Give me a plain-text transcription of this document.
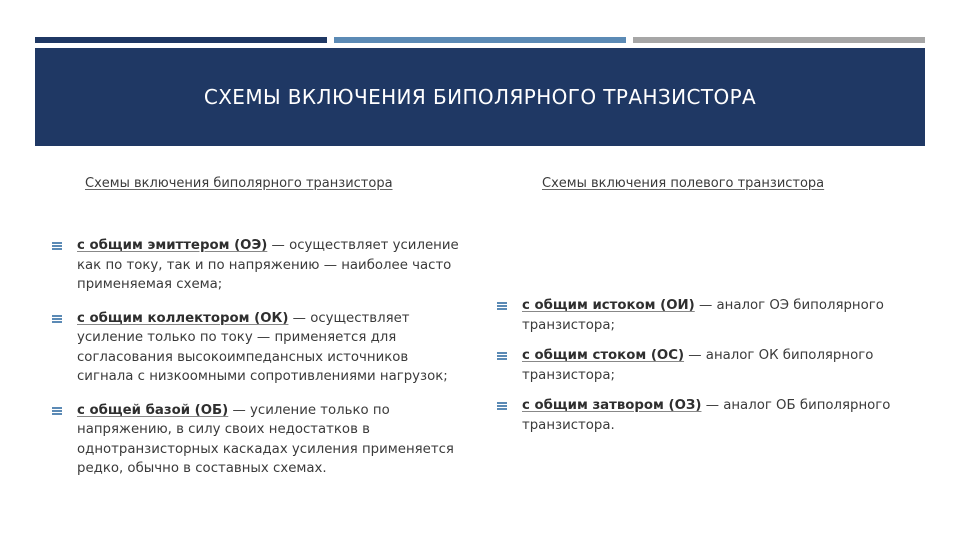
СХЕМЫ ВКЛЮЧЕНИЯ БИПОЛЯРНОГО ТРАНЗИСТОРА
Схемы включения биполярного транзистора	Схемы включения полевого транзистора
с общим эмиттером (ОЭ) — осуществляет усиление как по току, так и по напряжению — наиболее часто применяемая схема;
с общим коллектором (ОК) — осуществляет усиление только по току — применяется для согласования высокоимпедансных источников сигнала с низкоомными сопротивлениями нагрузок;
с общей базой (ОБ) — усиление только по напряжению, в силу своих недостатков в однотранзисторных каскадах усиления применяется редко, обычно в составных схемах.
с общим истоком (ОИ) — аналог ОЭ биполярного транзистора;
с общим стоком (ОС) — аналог ОК биполярного транзистора;
с общим затвором (ОЗ) — аналог ОБ биполярного транзистора.
